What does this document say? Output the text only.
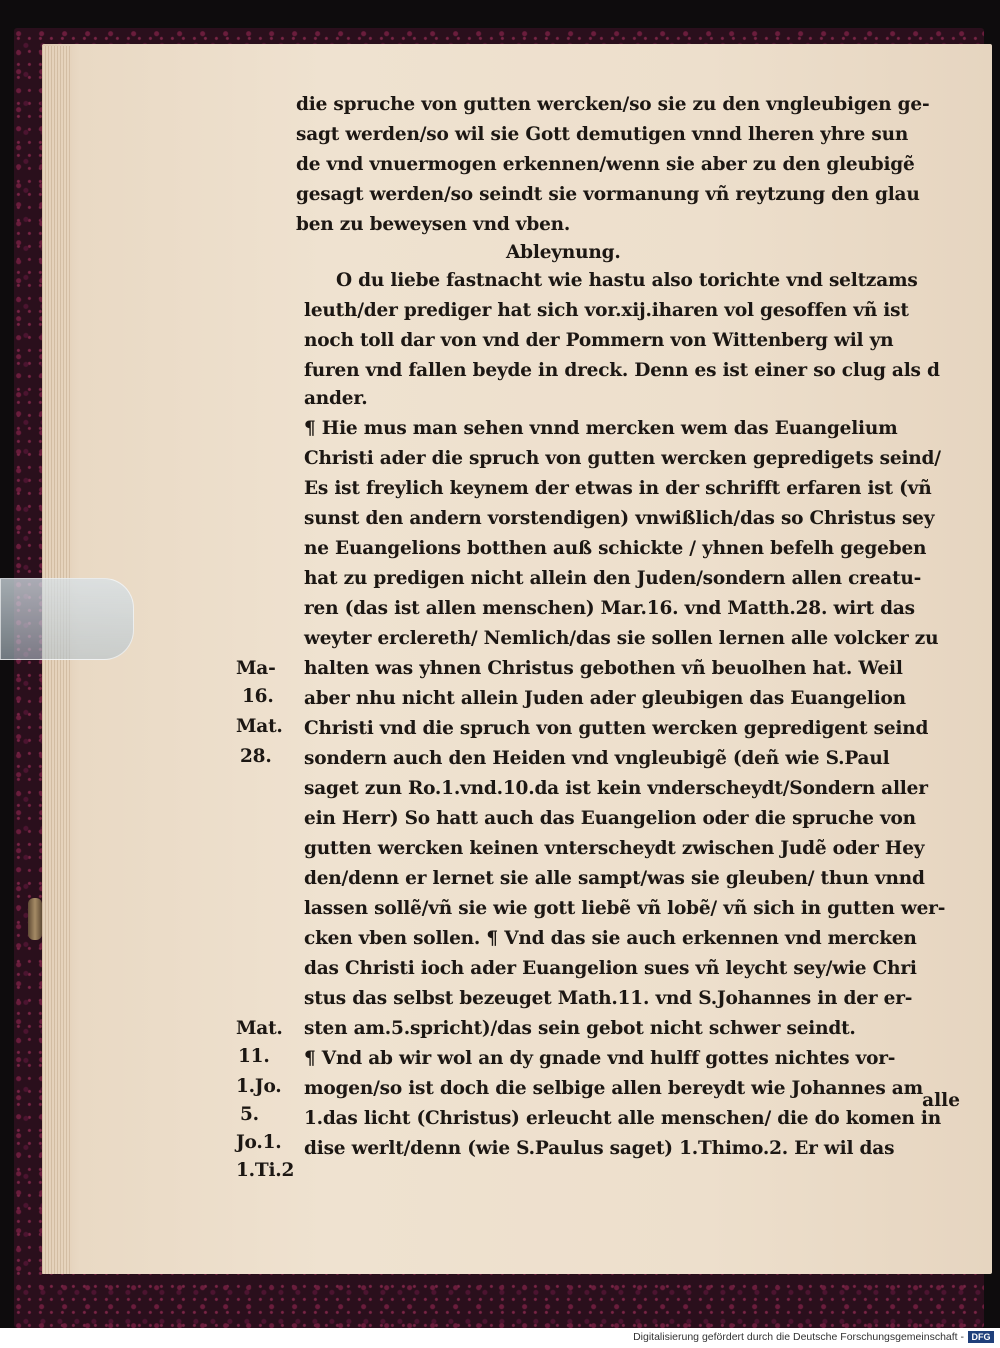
die spruche von gutten wercken/so sie zu den vngleubigen ge-
sagt werden/so wil sie Gott demutigen vnnd lheren yhre sun
de vnd vnuermogen erkennen/wenn sie aber zu den gleubigẽ
gesagt werden/so seindt sie vormanung vñ reytzung den glau
ben zu beweysen vnd vben.
Ableynung.
O du liebe fastnacht wie hastu also torichte vnd seltzams
leuth/der prediger hat sich vor.xij.iharen vol gesoffen vñ ist
noch toll dar von vnd der Pommern von Wittenberg wil yn
furen vnd fallen beyde in dreck. Denn es ist einer so clug als d
ander.
¶ Hie mus man sehen vnnd mercken wem das Euangelium
Christi ader die spruch von gutten wercken gepredigets seind/
Es ist freylich keynem der etwas in der schrifft erfaren ist (vñ
sunst den andern vorstendigen) vnwißlich/das so Christus sey
ne Euangelions botthen auß schickte / yhnen befelh gegeben
hat zu predigen nicht allein den Juden/sondern allen creatu-
ren (das ist allen menschen) Mar.16. vnd Matth.28. wirt das
weyter erclereth/ Nemlich/das sie sollen lernen alle volcker zu
halten was yhnen Christus gebothen vñ beuolhen hat. Weil
aber nhu nicht allein Juden ader gleubigen das Euangelion
Christi vnd die spruch von gutten wercken gepredigent seind
sondern auch den Heiden vnd vngleubigẽ (deñ wie S.Paul
saget zun Ro.1.vnd.10.da ist kein vnderscheydt/Sondern aller
ein Herr) So hatt auch das Euangelion oder die spruche von
gutten wercken keinen vnterscheydt zwischen Judẽ oder Hey
den/denn er lernet sie alle sampt/was sie gleuben/ thun vnnd
lassen sollẽ/vñ sie wie gott liebẽ vñ lobẽ/ vñ sich in gutten wer-
cken vben sollen. ¶ Vnd das sie auch erkennen vnd mercken
das Christi ioch ader Euangelion sues vñ leycht sey/wie Chri
stus das selbst bezeuget Math.11. vnd S.Johannes in der er-
sten am.5.spricht)/das sein gebot nicht schwer seindt.
¶ Vnd ab wir wol an dy gnade vnd hulff gottes nichtes vor-
mogen/so ist doch die selbige allen bereydt wie Johannes am
1.das licht (Christus) erleucht alle menschen/ die do komen in
dise werlt/denn (wie S.Paulus saget) 1.Thimo.2. Er wil das
Ma-
16.
Mat.
28.
Mat.
11.
1.Jo.
5.
Jo.1.
1.Ti.2
alle
Digitalisierung gefördert durch die Deutsche Forschungsgemeinschaft - DFG
